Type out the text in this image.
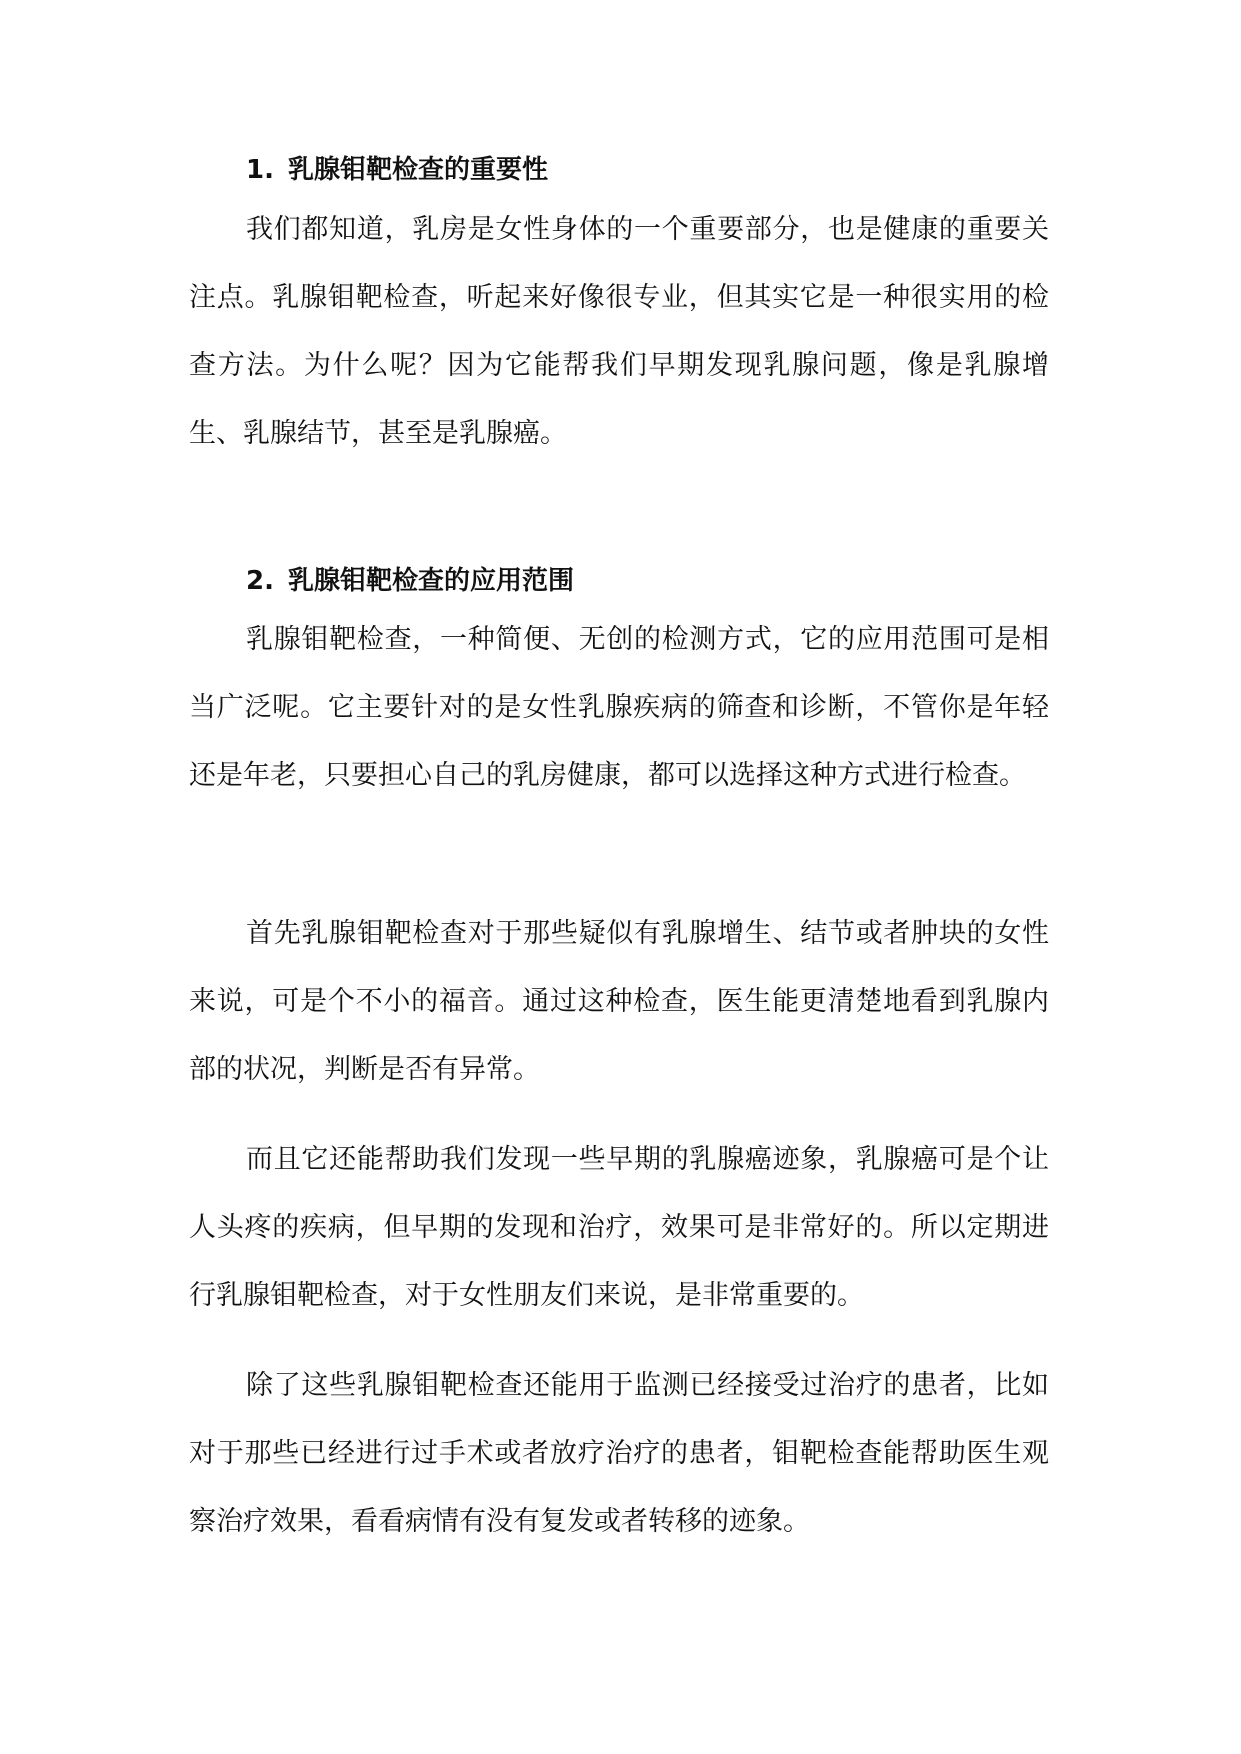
1. 乳腺钼靶检查的重要性

我们都知道，乳房是女性身体的一个重要部分，也是健康的重要关注点。乳腺钼靶检查，听起来好像很专业，但其实它是一种很实用的检查方法。为什么呢？因为它能帮我们早期发现乳腺问题，像是乳腺增生、乳腺结节，甚至是乳腺癌。

2. 乳腺钼靶检查的应用范围

乳腺钼靶检查，一种简便、无创的检测方式，它的应用范围可是相当广泛呢。它主要针对的是女性乳腺疾病的筛查和诊断，不管你是年轻还是年老，只要担心自己的乳房健康，都可以选择这种方式进行检查。

首先乳腺钼靶检查对于那些疑似有乳腺增生、结节或者肿块的女性来说，可是个不小的福音。通过这种检查，医生能更清楚地看到乳腺内部的状况，判断是否有异常。

而且它还能帮助我们发现一些早期的乳腺癌迹象，乳腺癌可是个让人头疼的疾病，但早期的发现和治疗，效果可是非常好的。所以定期进行乳腺钼靶检查，对于女性朋友们来说，是非常重要的。

除了这些乳腺钼靶检查还能用于监测已经接受过治疗的患者，比如对于那些已经进行过手术或者放疗治疗的患者，钼靶检查能帮助医生观察治疗效果，看看病情有没有复发或者转移的迹象。
